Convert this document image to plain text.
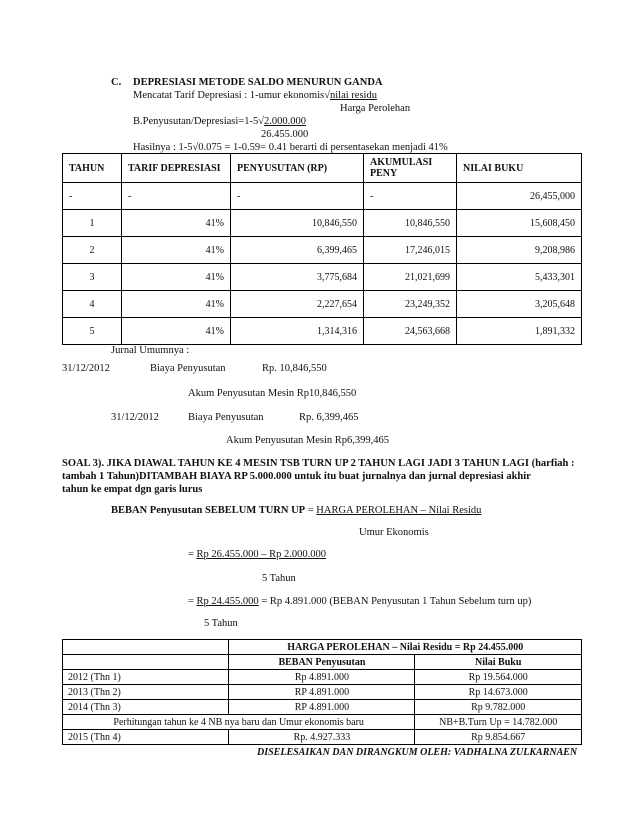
C. DEPRESIASI METODE SALDO MENURUN GANDA
Mencatat Tarif Depresiasi : 1-umur ekonomis√nilai residu
Harga Perolehan
B.Penyusutan/Depresiasi=1-5√2.000.000
26.455.000
Hasilnya : 1-5√0.075 = 1-0.59= 0.41 berarti di persentasekan menjadi 41%
TAHUN	TARIF DEPRESIASI	PENYUSUTAN (RP)	AKUMULASI PENY	NILAI BUKU
-	-	-	-	26,455,000
1	41%	10,846,550	10,846,550	15,608,450
2	41%	6,399,465	17,246,015	9,208,986
3	41%	3,775,684	21,021,699	5,433,301
4	41%	2,227,654	23,249,352	3,205,648
5	41%	1,314,316	24,563,668	1,891,332
Jurnal Umumnya :
31/12/2012	Biaya Penyusutan	Rp. 10,846,550
Akum Penyusutan Mesin Rp10,846,550
31/12/2012	Biaya Penyusutan	Rp. 6,399,465
Akum Penyusutan Mesin Rp6,399,465
SOAL 3). JIKA DIAWAL TAHUN KE 4 MESIN TSB TURN UP 2 TAHUN LAGI JADI 3 TAHUN LAGI (harfiah :
tambah 1 Tahun)DITAMBAH BIAYA RP 5.000.000 untuk itu buat jurnalnya dan jurnal depresiasi akhir
tahun ke empat dgn garis lurus
BEBAN Penyusutan SEBELUM TURN UP = HARGA PEROLEHAN – Nilai Residu
Umur Ekonomis
= Rp 26.455.000 – Rp 2.000.000
5 Tahun
= Rp 24.455.000 = Rp 4.891.000 (BEBAN Penyusutan 1 Tahun Sebelum turn up)
5 Tahun
	HARGA PEROLEHAN – Nilai Residu = Rp 24.455.000	
	BEBAN Penyusutan	Nilai Buku
2012 (Thn 1)	Rp 4.891.000	Rp 19.564.000
2013 (Thn 2)	RP 4.891.000	Rp 14.673.000
2014 (Thn 3)	RP 4.891.000	Rp 9.782.000
Perhitungan tahun ke 4 NB nya baru dan Umur ekonomis baru		NB+B.Turn Up = 14.782.000
2015 (Thn 4)	Rp. 4.927.333	Rp 9.854.667
DISELESAIKAN DAN DIRANGKUM OLEH: VADHALNA ZULKARNAEN
